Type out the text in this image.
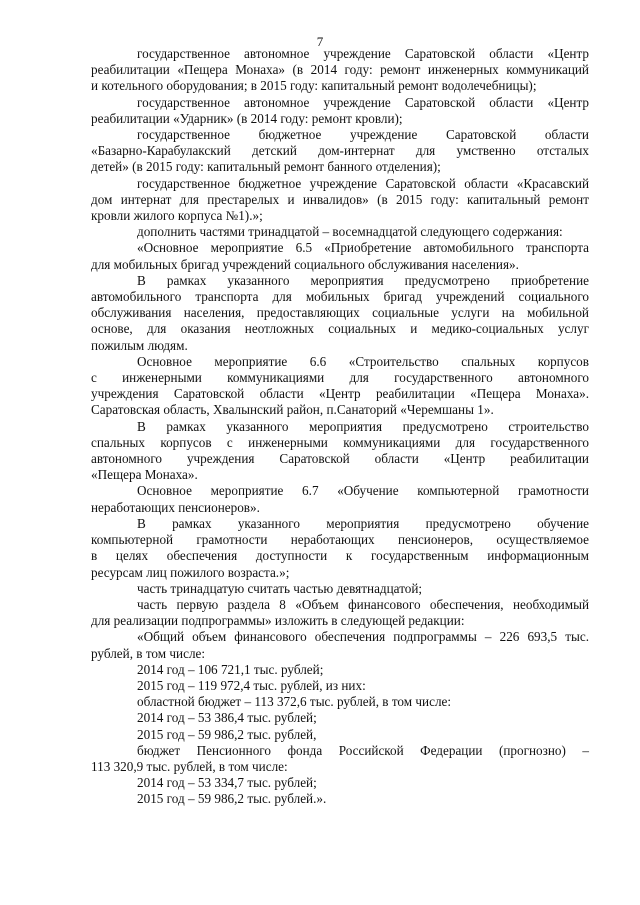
7
государственное автономное учреждение Саратовской области «Центр
реабилитации «Пещера Монаха» (в 2014 году: ремонт инженерных коммуникаций
и котельного оборудования; в 2015 году: капитальный ремонт водолечебницы);
государственное автономное учреждение Саратовской области «Центр
реабилитации «Ударник» (в 2014 году: ремонт кровли);
государственное бюджетное учреждение Саратовской области
«Базарно-Карабулакский детский дом-интернат для умственно отсталых
детей» (в 2015 году: капитальный ремонт банного отделения);
государственное бюджетное учреждение Саратовской области «Красавский
дом интернат для престарелых и инвалидов» (в 2015 году: капитальный ремонт
кровли жилого корпуса №1).»;
дополнить частями тринадцатой – восемнадцатой следующего содержания:
«Основное мероприятие 6.5 «Приобретение автомобильного транспорта
для мобильных бригад учреждений социального обслуживания населения».
В рамках указанного мероприятия предусмотрено приобретение
автомобильного транспорта для мобильных бригад учреждений социального
обслуживания населения, предоставляющих социальные услуги на мобильной
основе, для оказания неотложных социальных и медико-социальных услуг
пожилым людям.
Основное мероприятие 6.6 «Строительство спальных корпусов
с инженерными коммуникациями для государственного автономного
учреждения Саратовской области «Центр реабилитации «Пещера Монаха».
Саратовская область, Хвалынский район, п.Санаторий «Черемшаны 1».
В рамках указанного мероприятия предусмотрено строительство
спальных корпусов с инженерными коммуникациями для государственного
автономного учреждения Саратовской области «Центр реабилитации
«Пещера Монаха».
Основное мероприятие 6.7 «Обучение компьютерной грамотности
неработающих пенсионеров».
В рамках указанного мероприятия предусмотрено обучение
компьютерной грамотности неработающих пенсионеров, осуществляемое
в целях обеспечения доступности к государственным информационным
ресурсам лиц пожилого возраста.»;
часть тринадцатую считать частью девятнадцатой;
часть первую раздела 8 «Объем финансового обеспечения, необходимый
для реализации подпрограммы» изложить в следующей редакции:
«Общий объем финансового обеспечения подпрограммы – 226 693,5 тыс.
рублей, в том числе:
2014 год – 106 721,1 тыс. рублей;
2015 год – 119 972,4 тыс. рублей, из них:
областной бюджет – 113 372,6 тыс. рублей, в том числе:
2014 год – 53 386,4 тыс. рублей;
2015 год – 59 986,2 тыс. рублей,
бюджет Пенсионного фонда Российской Федерации (прогнозно) –
113 320,9 тыс. рублей, в том числе:
2014 год – 53 334,7 тыс. рублей;
2015 год – 59 986,2 тыс. рублей.».
